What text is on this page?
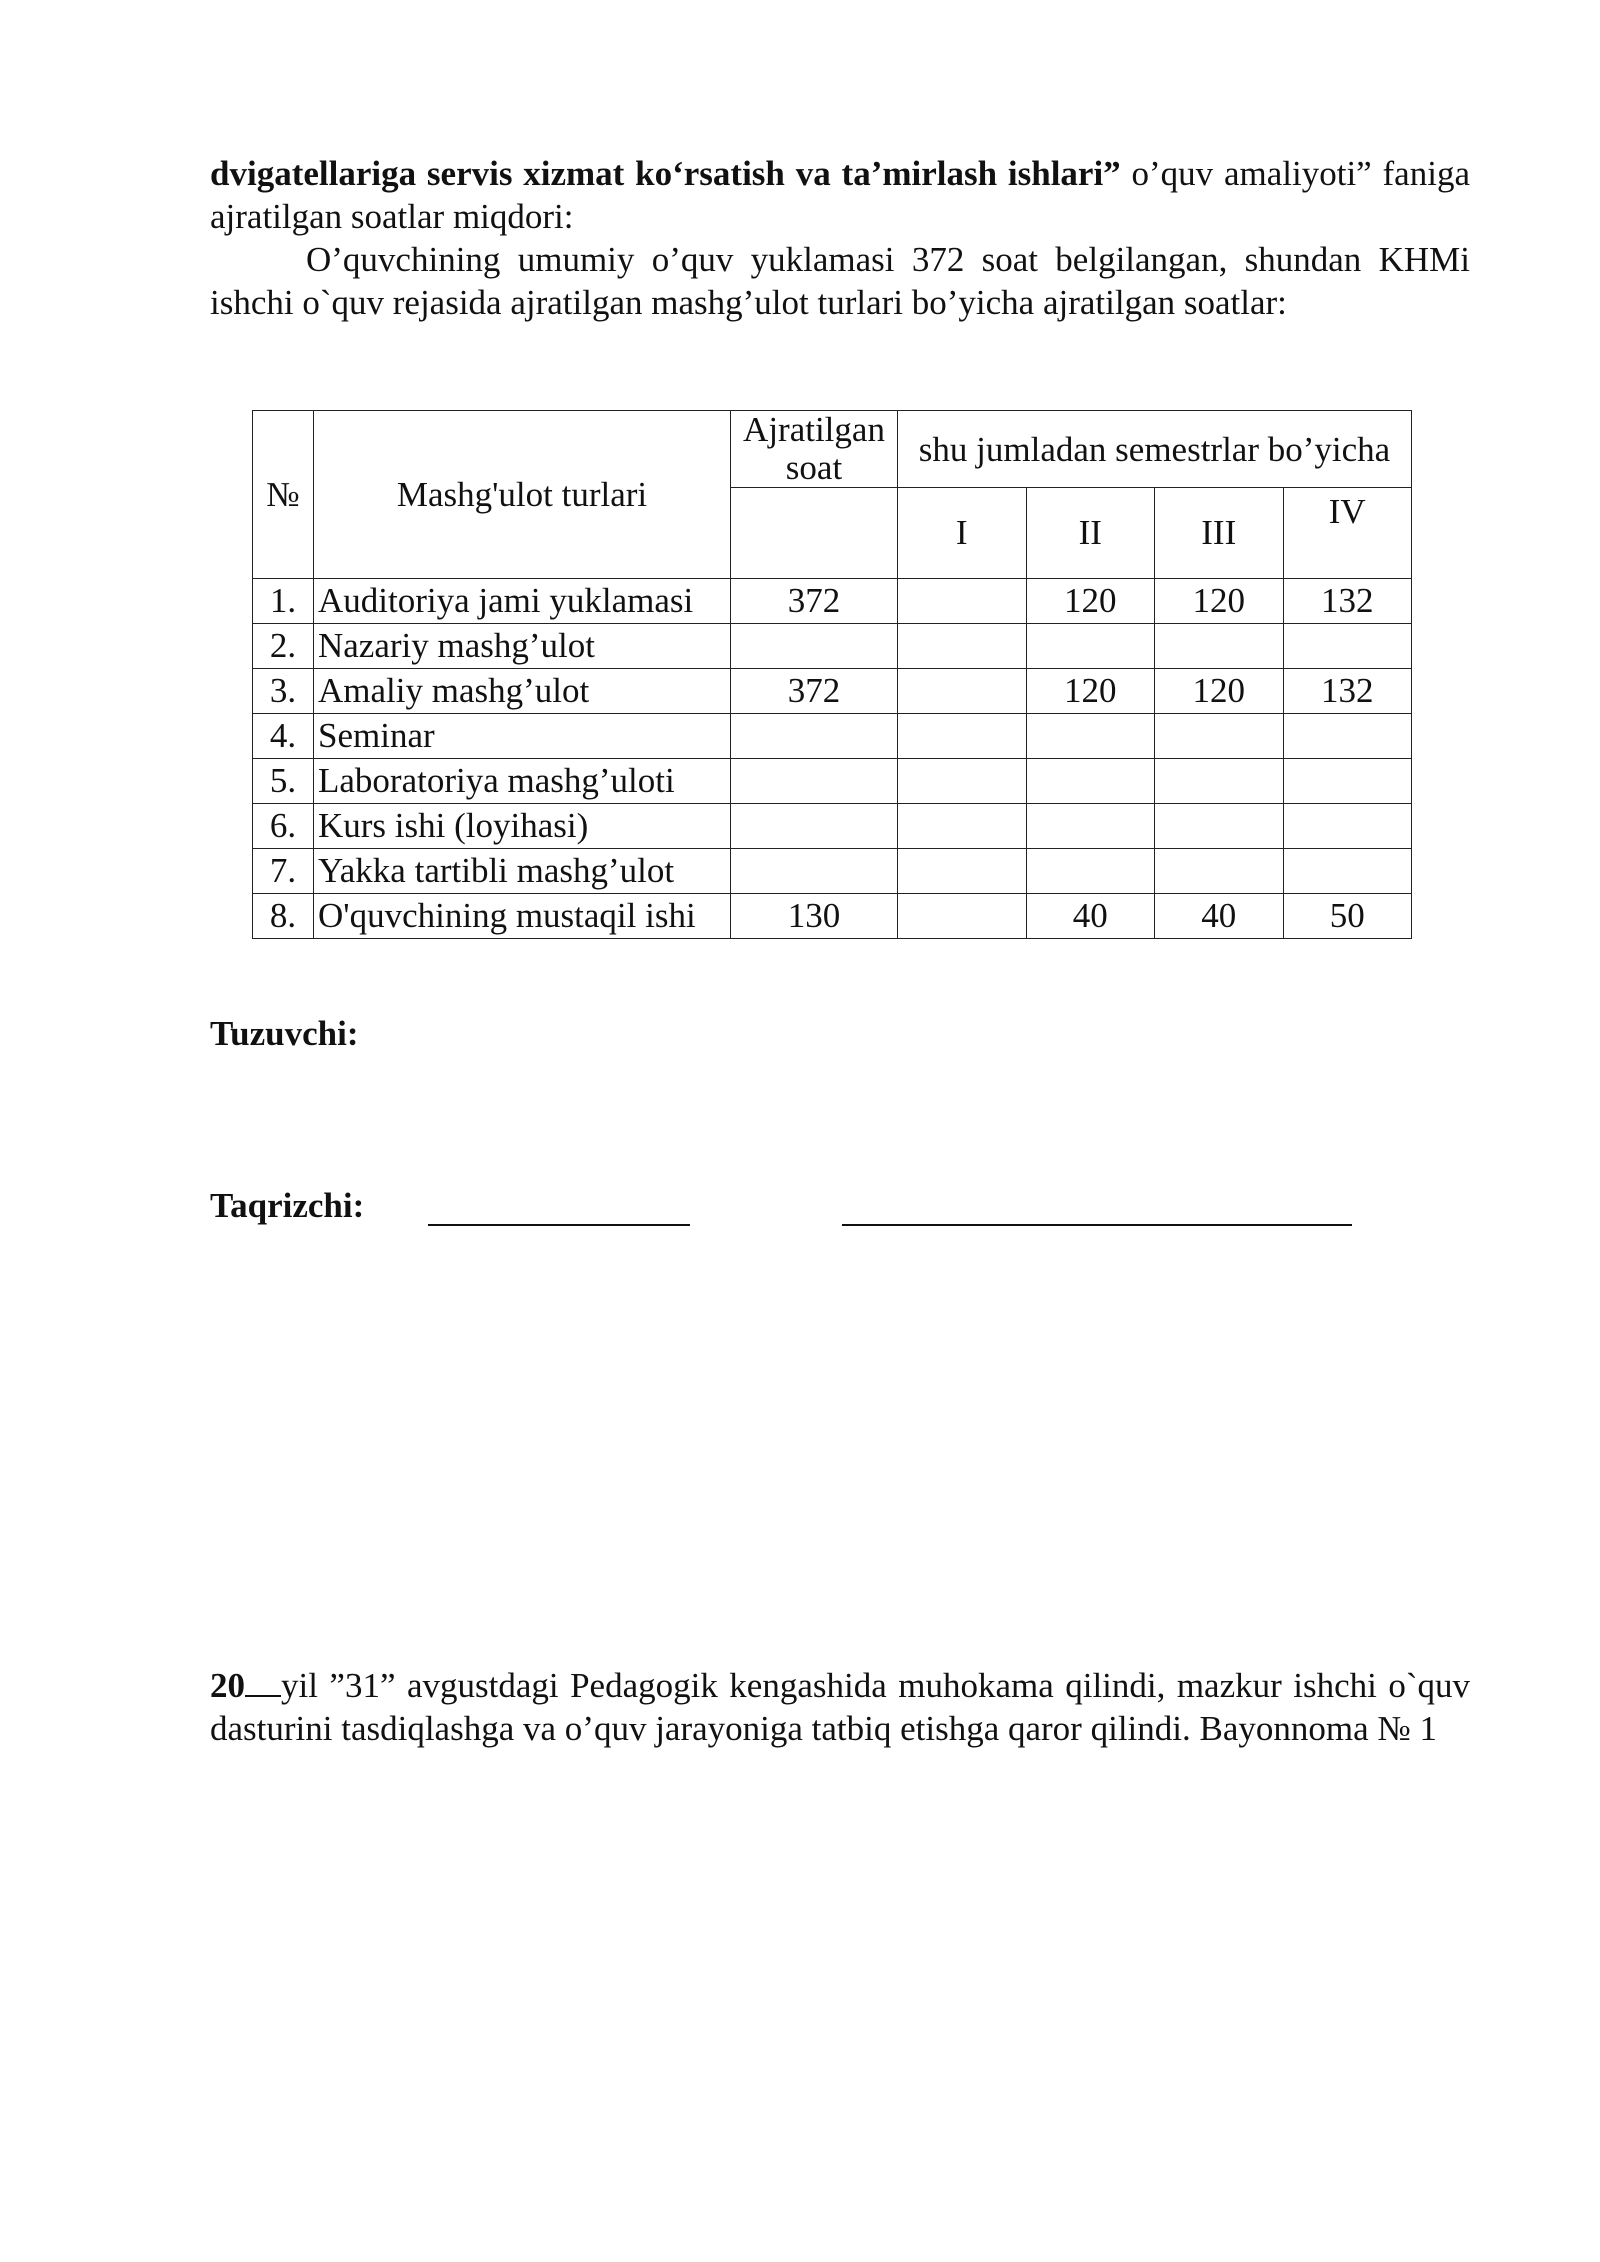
dvigatellariga servis xizmat ko‘rsatish va ta’mirlash ishlari” o’quv amaliyoti” faniga ajratilgan soatlar miqdori:
O’quvchining umumiy o’quv yuklamasi 372 soat belgilangan, shundan KHMi ishchi o`quv rejasida ajratilgan mashg’ulot turlari bo’yicha ajratilgan soatlar:
№	Mashg'ulot turlari	Ajratilgan soat	shu jumladan semestrlar bo’yicha			
			I	II	III	IV
1.	Auditoriya jami yuklamasi	372		120	120	132
2.	Nazariy mashg’ulot					
3.	Amaliy mashg’ulot	372		120	120	132
4.	Seminar					
5.	Laboratoriya mashg’uloti					
6.	Kurs ishi (loyihasi)					
7.	Yakka tartibli mashg’ulot					
8.	O'quvchining mustaqil ishi	130		40	40	50
Tuzuvchi:
Taqrizchi:
20 yil ”31” avgustdagi Pedagogik kengashida muhokama qilindi, mazkur ishchi o`quv dasturini tasdiqlashga va o’quv jarayoniga tatbiq etishga qaror qilindi. Bayonnoma № 1
